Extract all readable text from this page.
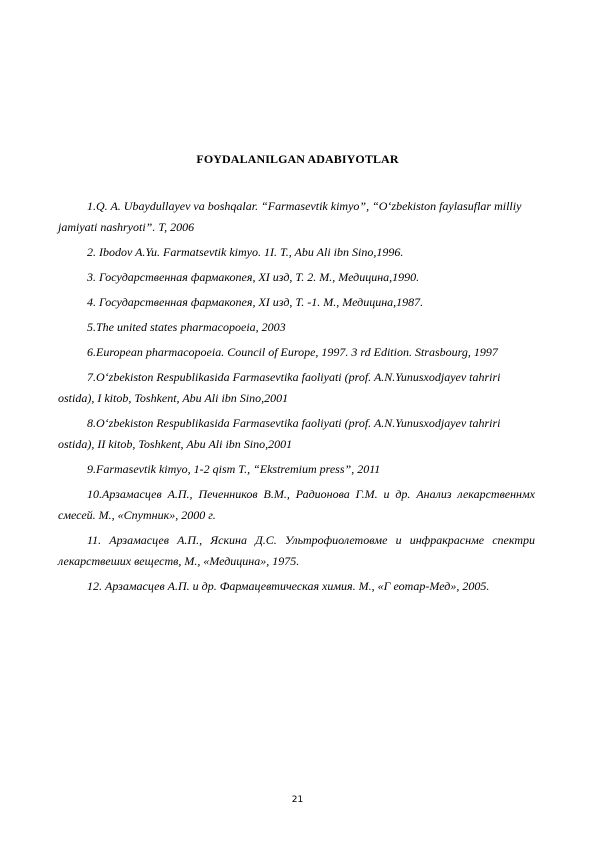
FOYDALANILGAN ADABIYOTLAR
1.Q. A. Ubaydullayev va boshqalar. “Farmasevtik kimyo”, “O‘zbekiston faylasuflar milliy jamiyati nashryoti”. T, 2006
2. Ibodov A.Yu. Farmatsevtik kimyo. 1I. T., Abu Ali ibn Sino,1996.
3. Государственная фармакопея, XI изд, Т. 2. М., Медицина,1990.
4. Государственная фармакопея, XI изд, Т. -1. М., Медицина,1987.
5.The united states pharmacopoeia, 2003
6.European pharmacopoeia. Council of Europe, 1997. 3 rd Edition. Strasbourg, 1997
7.O‘zbekiston Respublikasida Farmasevtika faoliyati (prof. A.N.Yunusxodjayev tahriri ostida), I kitob, Toshkent, Abu Ali ibn Sino,2001
8.O‘zbekiston Respublikasida Farmasevtika faoliyati (prof. A.N.Yunusxodjayev tahriri ostida), II kitob, Toshkent, Abu Ali ibn Sino,2001
9.Farmasevtik kimyo, 1-2 qism T., “Ekstremium press”, 2011
10.Арзамасцев А.П., Печенников В.М., Радионова Г.М. и др. Анализ лекарственнмх смесей. М., «Спутник», 2000 г.
11. Арзамасцев А.П., Яскина Д.С. Ультрофиолетовме и инфракраснме спектри лекарствеших веществ, М., «Медицина», 1975.
12. Арзамасцев А.П. и др. Фармацевтическая химия. М., «Г еотар-Мед», 2005.
21
